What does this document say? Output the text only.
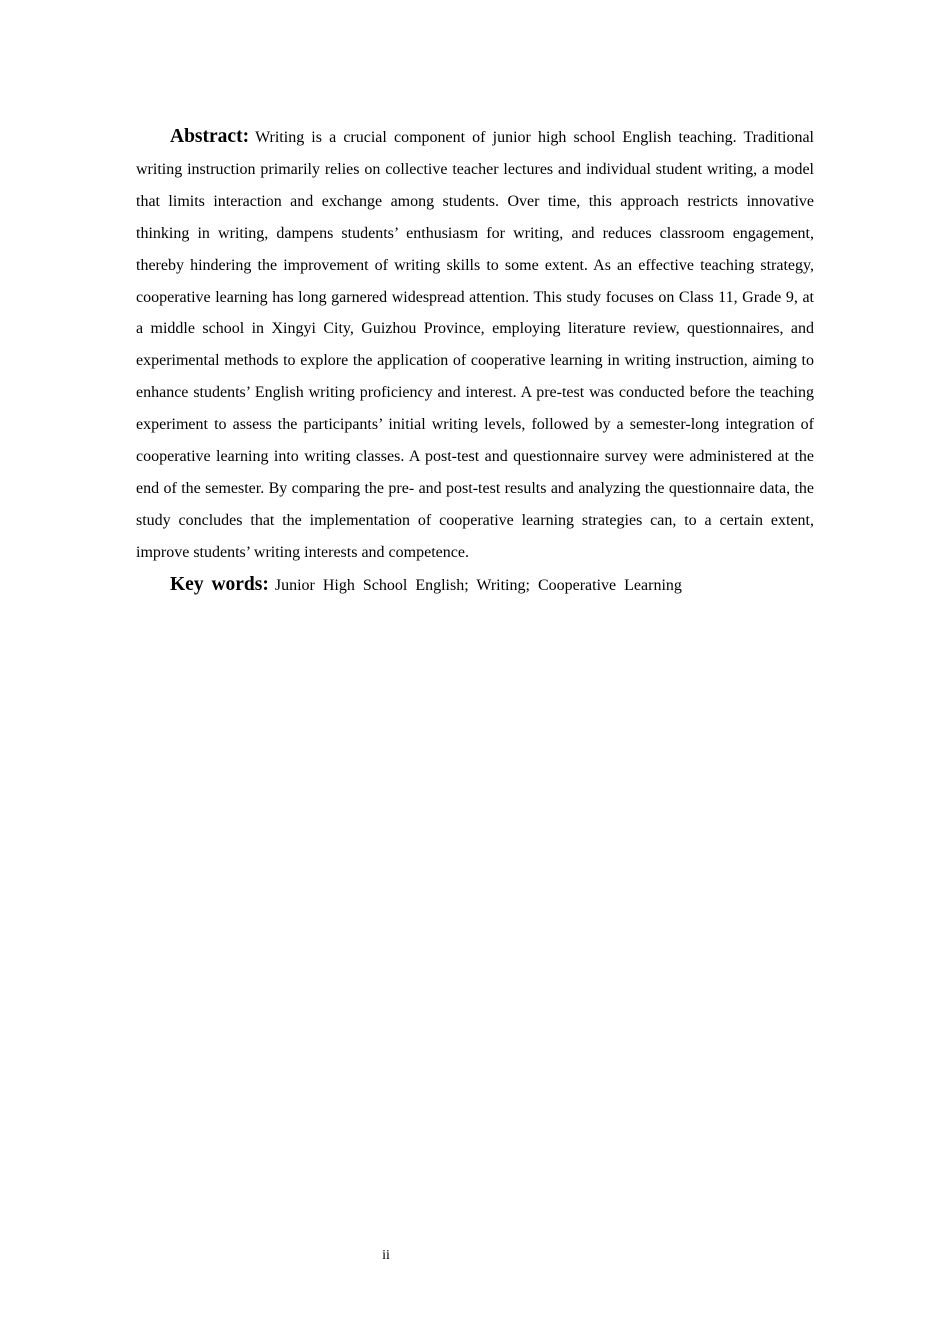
Abstract: Writing is a crucial component of junior high school English teaching. Traditional writing instruction primarily relies on collective teacher lectures and individual student writing, a model that limits interaction and exchange among students. Over time, this approach restricts innovative thinking in writing, dampens students’ enthusiasm for writing, and reduces classroom engagement, thereby hindering the improvement of writing skills to some extent. As an effective teaching strategy, cooperative learning has long garnered widespread attention. This study focuses on Class 11, Grade 9, at a middle school in Xingyi City, Guizhou Province, employing literature review, questionnaires, and experimental methods to explore the application of cooperative learning in writing instruction, aiming to enhance students’ English writing proficiency and interest. A pre-test was conducted before the teaching experiment to assess the participants’ initial writing levels, followed by a semester-long integration of cooperative learning into writing classes. A post-test and questionnaire survey were administered at the end of the semester. By comparing the pre- and post-test results and analyzing the questionnaire data, the study concludes that the implementation of cooperative learning strategies can, to a certain extent, improve students’ writing interests and competence.

Key words: Junior High School English; Writing; Cooperative Learning

ii
